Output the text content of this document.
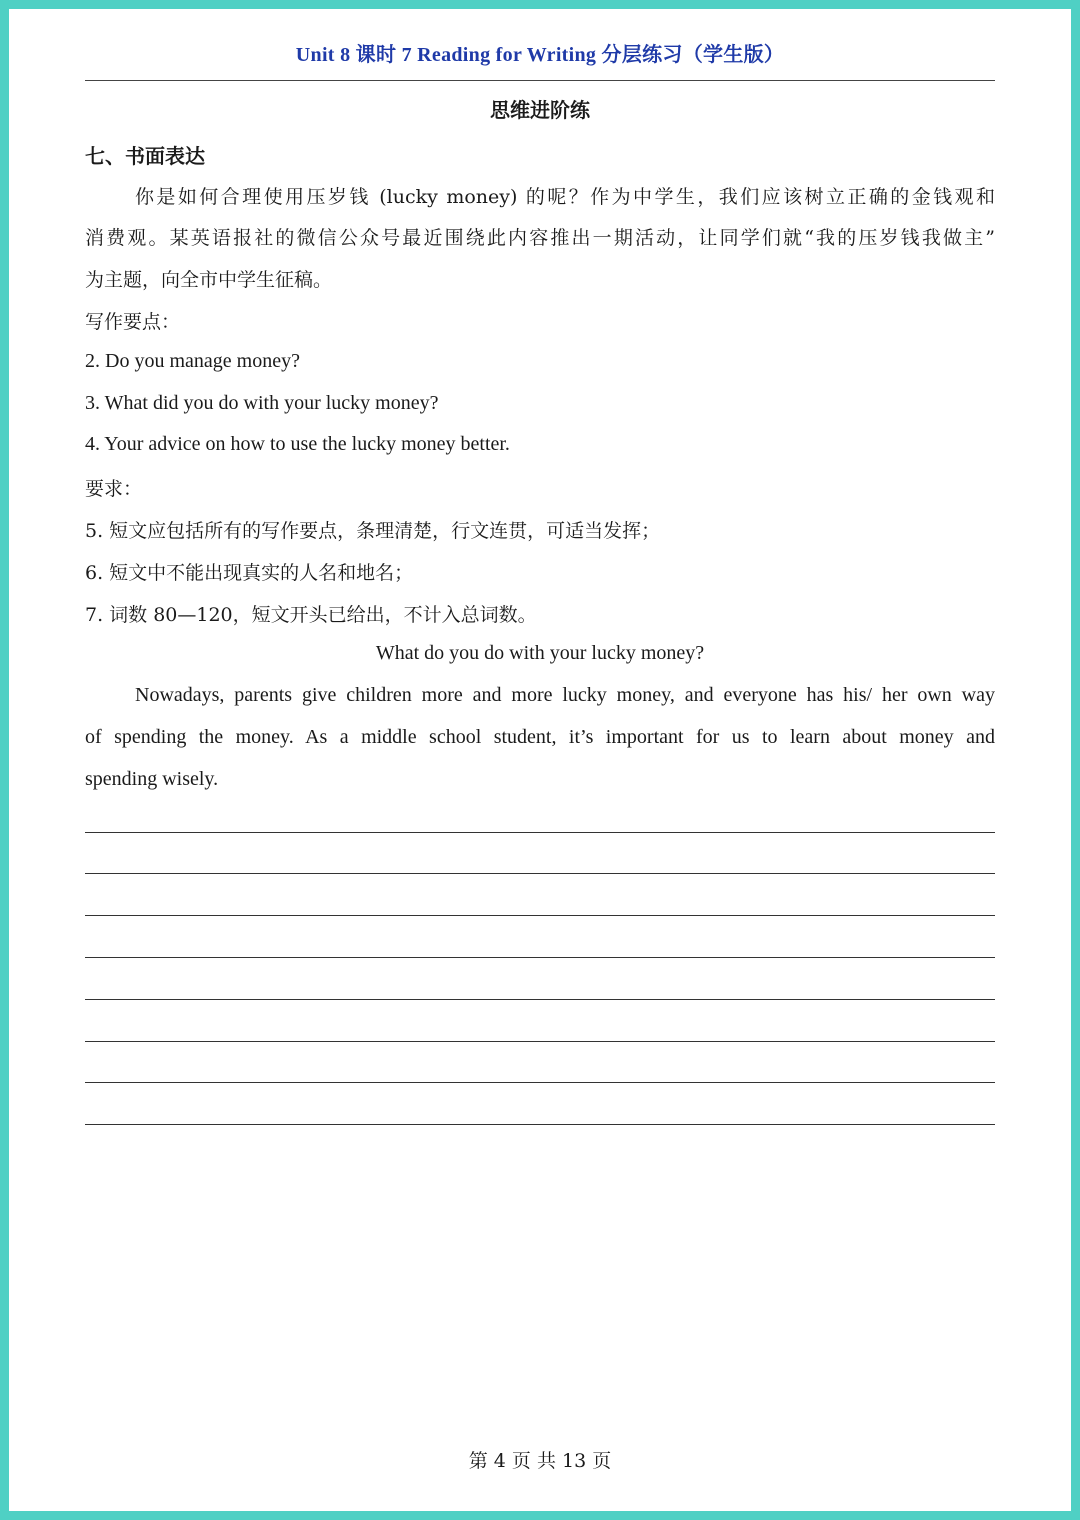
Unit 8 课时 7 Reading for Writing 分层练习（学生版）
思维进阶练
七、书面表达
你是如何合理使用压岁钱 (lucky money) 的呢？作为中学生，我们应该树立正确的金钱观和
消费观。某英语报社的微信公众号最近围绕此内容推出一期活动，让同学们就“我的压岁钱我做主”
为主题，向全市中学生征稿。
写作要点：
2. Do you manage money?
3. What did you do with your lucky money?
4. Your advice on how to use the lucky money better.
要求：
5. 短文应包括所有的写作要点，条理清楚，行文连贯，可适当发挥；
6. 短文中不能出现真实的人名和地名；
7. 词数 80—120，短文开头已给出，不计入总词数。
What do you do with your lucky money?
Nowadays, parents give children more and more lucky money, and everyone has his/ her own way
of spending the money. As a middle school student, it’s important for us to learn about money and
spending wisely.
第 4 页 共 13 页
